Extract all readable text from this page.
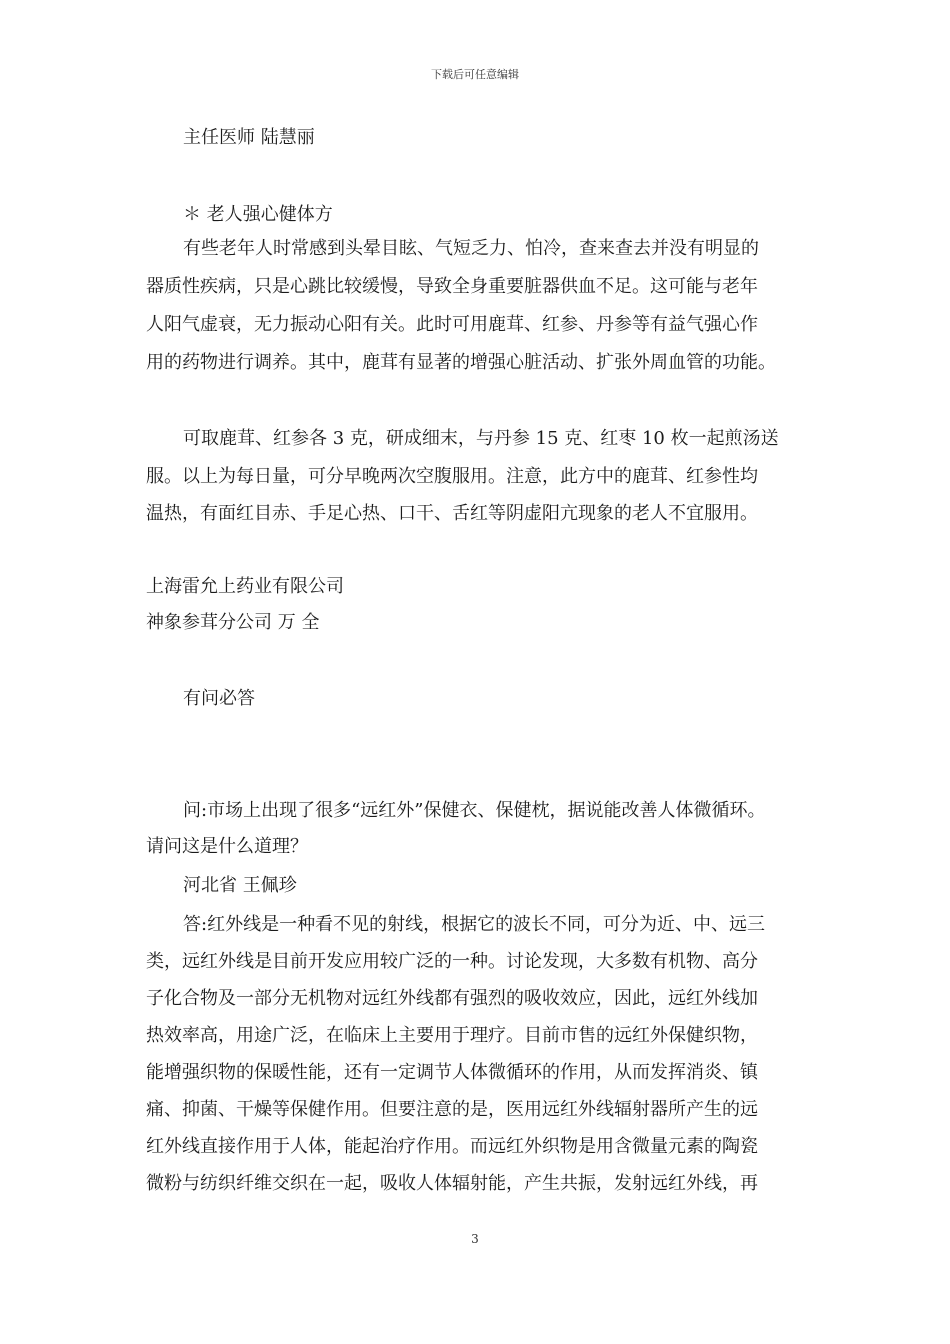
下载后可任意编辑
主任医师 陆慧丽
＊ 老人强心健体方
有些老年人时常感到头晕目眩、气短乏力、怕冷，查来查去并没有明显的
器质性疾病，只是心跳比较缓慢，导致全身重要脏器供血不足。这可能与老年
人阳气虚衰，无力振动心阳有关。此时可用鹿茸、红参、丹参等有益气强心作
用的药物进行调养。其中，鹿茸有显著的增强心脏活动、扩张外周血管的功能。
可取鹿茸、红参各 3 克，研成细末，与丹参 15 克、红枣 10 枚一起煎汤送
服。以上为每日量，可分早晚两次空腹服用。注意，此方中的鹿茸、红参性均
温热，有面红目赤、手足心热、口干、舌红等阴虚阳亢现象的老人不宜服用。
上海雷允上药业有限公司
神象参茸分公司 万 全
有问必答
问:市场上出现了很多“远红外”保健衣、保健枕，据说能改善人体微循环。
请问这是什么道理？
河北省 王佩珍
答:红外线是一种看不见的射线，根据它的波长不同，可分为近、中、远三
类，远红外线是目前开发应用较广泛的一种。讨论发现，大多数有机物、高分
子化合物及一部分无机物对远红外线都有强烈的吸收效应，因此，远红外线加
热效率高，用途广泛，在临床上主要用于理疗。目前市售的远红外保健织物，
能增强织物的保暖性能，还有一定调节人体微循环的作用，从而发挥消炎、镇
痛、抑菌、干燥等保健作用。但要注意的是，医用远红外线辐射器所产生的远
红外线直接作用于人体，能起治疗作用。而远红外织物是用含微量元素的陶瓷
微粉与纺织纤维交织在一起，吸收人体辐射能，产生共振，发射远红外线，再
3
